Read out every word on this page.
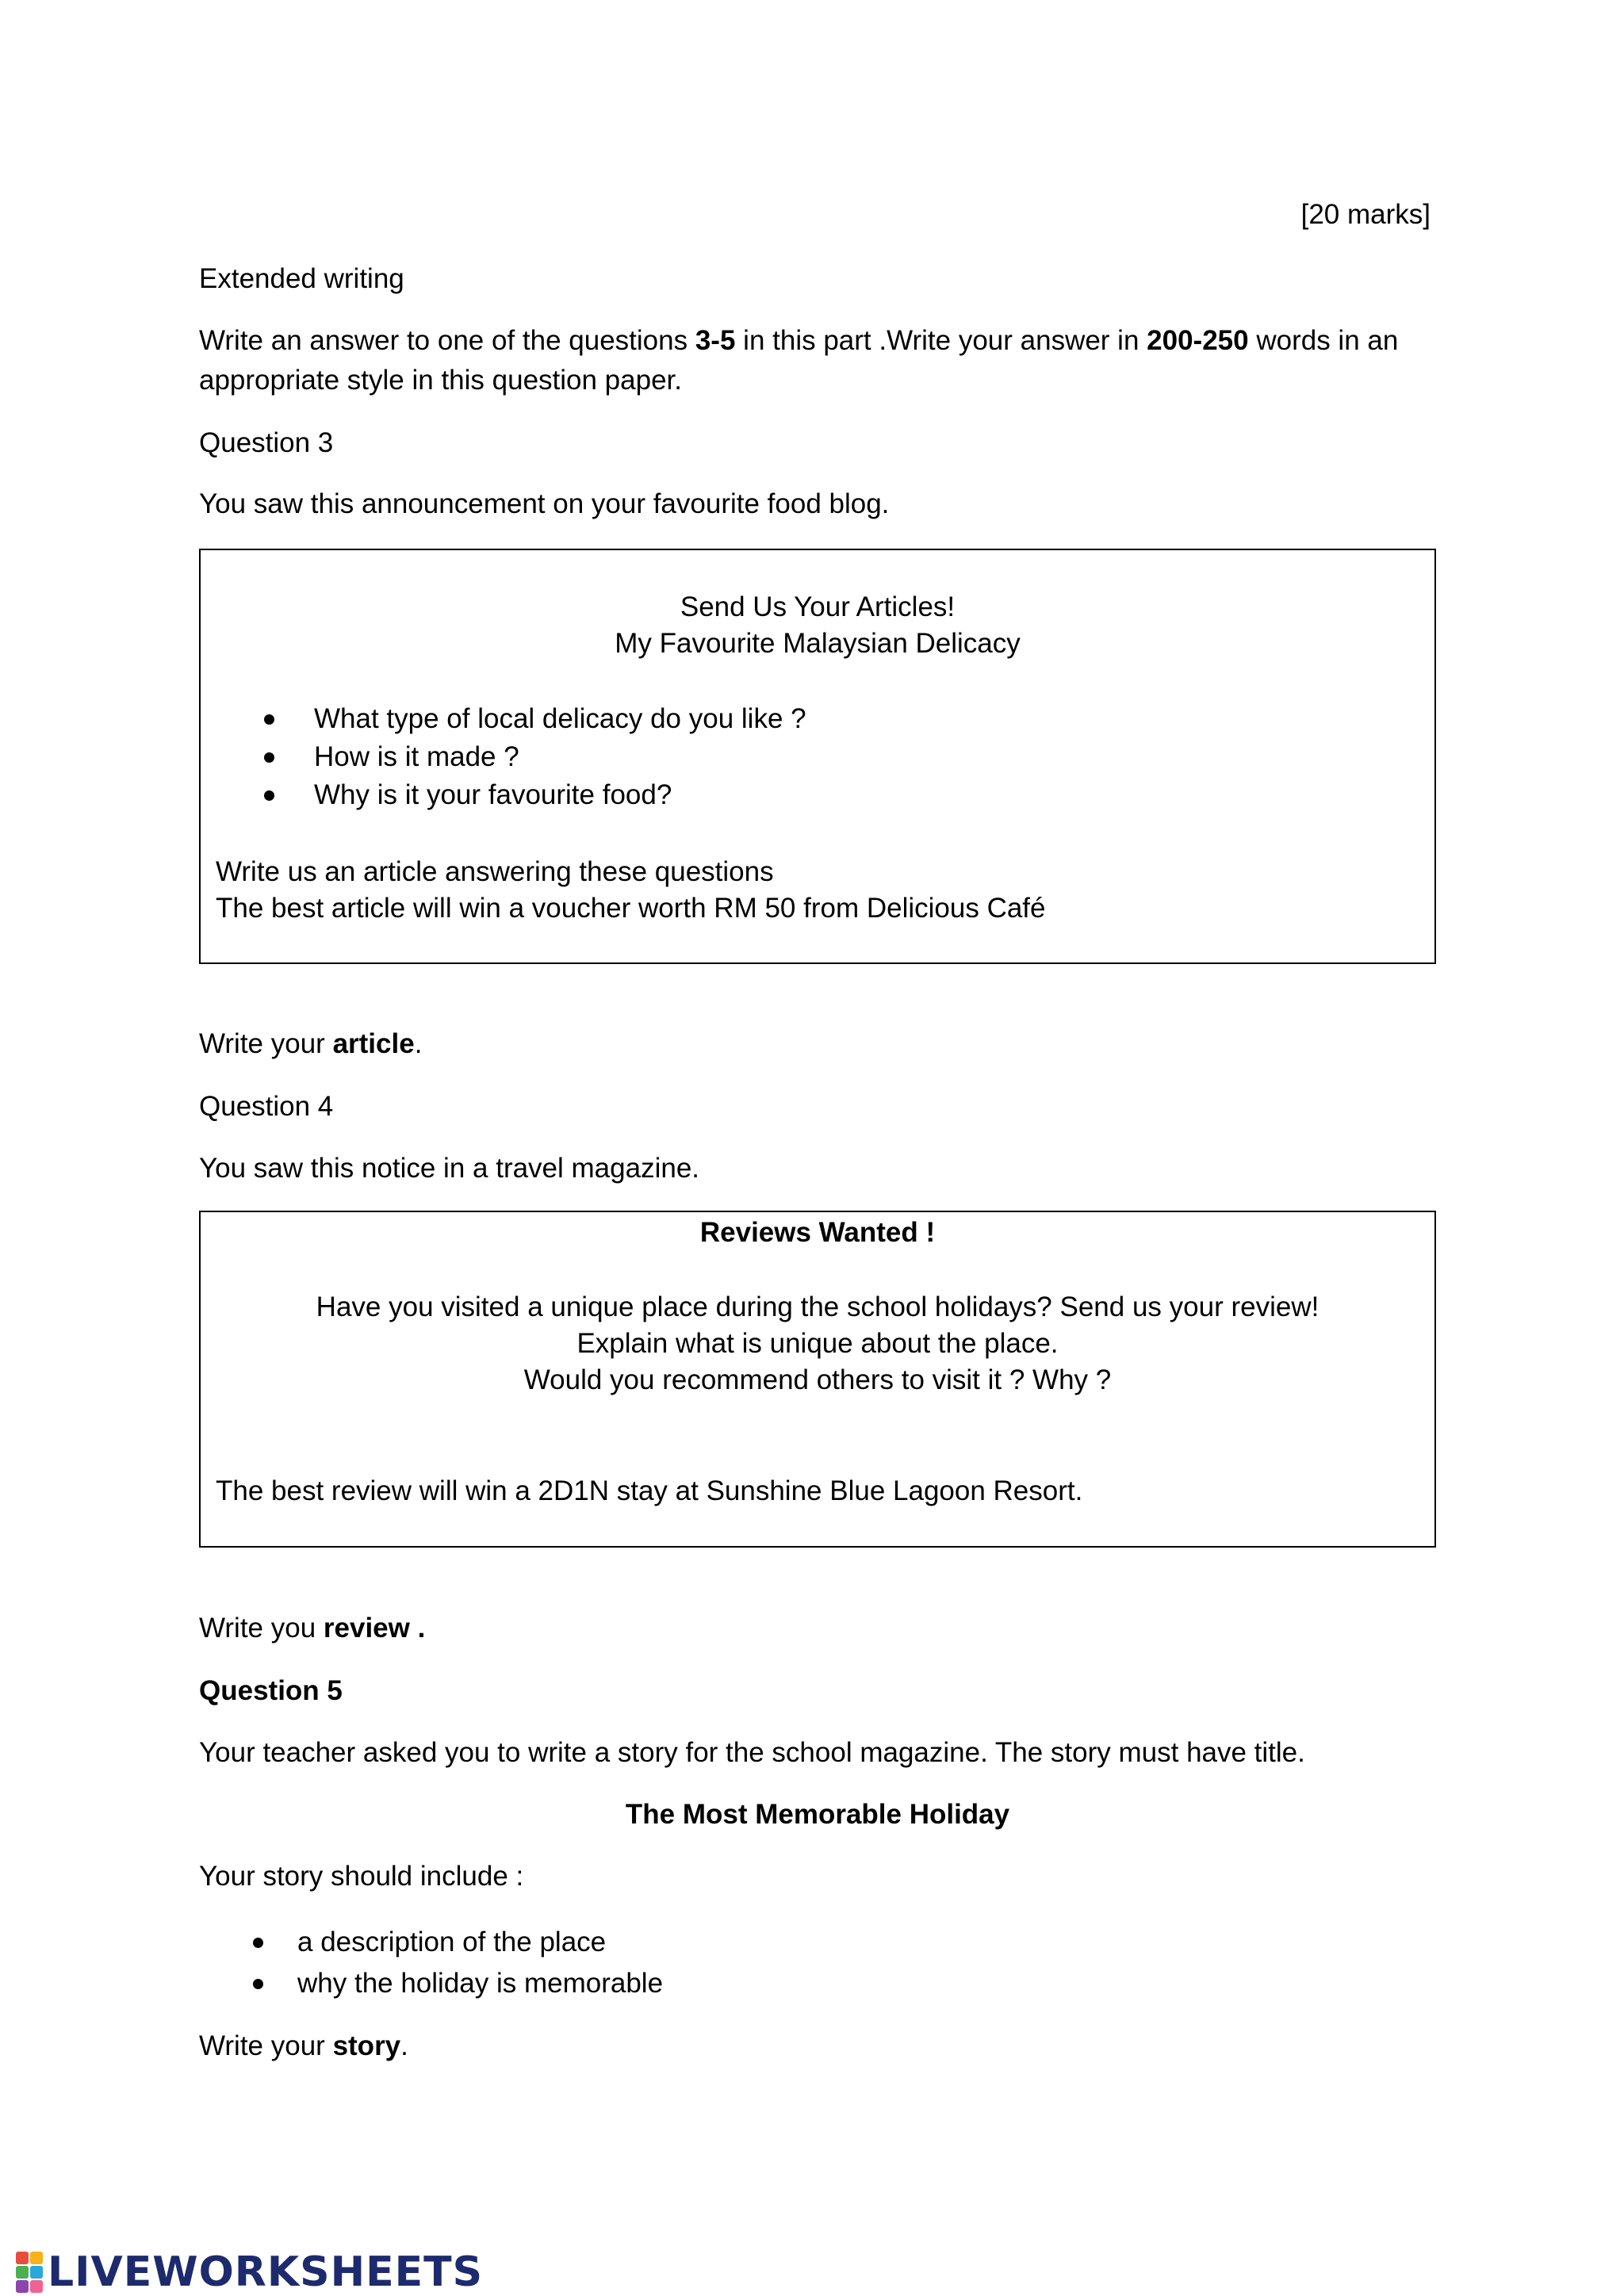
[20 marks]
Extended writing
Write an answer to one of the questions 3-5 in this part .Write your answer in 200-250 words in an
appropriate style in this question paper.
Question 3
You saw this announcement on your favourite food blog.
Send Us Your Articles!
My Favourite Malaysian Delicacy
What type of local delicacy do you like ?
How is it made ?
Why is it your favourite food?
Write us an article answering these questions
The best article will win a voucher worth RM 50 from Delicious Café
Write your article.
Question 4
You saw this notice in a travel magazine.
Reviews Wanted !
Have you visited a unique place during the school holidays? Send us your review!
Explain what is unique about the place.
Would you recommend others to visit it ? Why ?
The best review will win a 2D1N stay at Sunshine Blue Lagoon Resort.
Write you review .
Question 5
Your teacher asked you to write a story for the school magazine. The story must have title.
The Most Memorable Holiday
Your story should include :
a description of the place
why the holiday is memorable
Write your story.
LIVEWORKSHEETS
